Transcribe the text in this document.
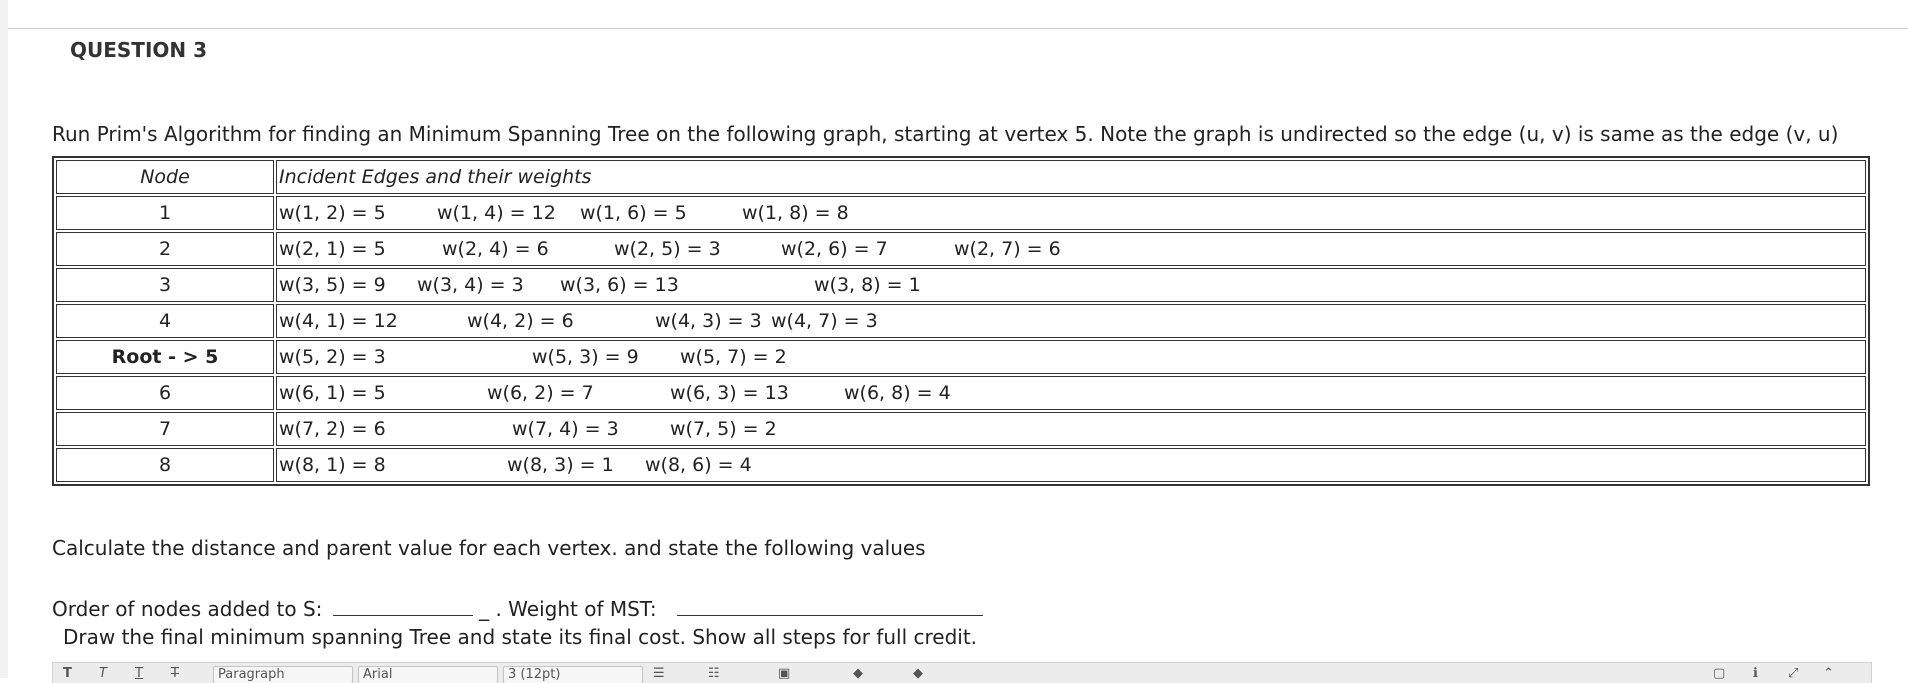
QUESTION 3
Run Prim's Algorithm for finding an Minimum Spanning Tree on the following graph, starting at vertex 5. Note the graph is undirected so the edge (u, v) is same as the edge (v, u)
Node	Incident Edges and their weights
1	w(1, 2) = 5 w(1, 4) = 12 w(1, 6) = 5 w(1, 8) = 8

2	w(2, 1) = 5 w(2, 4) = 6 w(2, 5) = 3 w(2, 6) = 7 w(2, 7) = 6

3	w(3, 5) = 9 w(3, 4) = 3 w(3, 6) = 13 w(3, 8) = 1

4	w(4, 1) = 12 w(4, 2) = 6 w(4, 3) = 3 w(4, 7) = 3

Root - > 5	w(5, 2) = 3 w(5, 3) = 9 w(5, 7) = 2

6	w(6, 1) = 5 w(6, 2) = 7 w(6, 3) = 13 w(6, 8) = 4

7	w(7, 2) = 6 w(7, 4) = 3 w(7, 5) = 2

8	w(8, 1) = 8 w(8, 3) = 1 w(8, 6) = 4
Calculate the distance and parent value for each vertex. and state the following values
Order of nodes added to S:	_ . Weight of MST:
Draw the final minimum spanning Tree and state its final cost. Show all steps for full credit.
T T T T	Paragraph	Arial	3 (12pt)	☰	☷	▣	◆	◆	▢ ℹ ⤢ ⌃
